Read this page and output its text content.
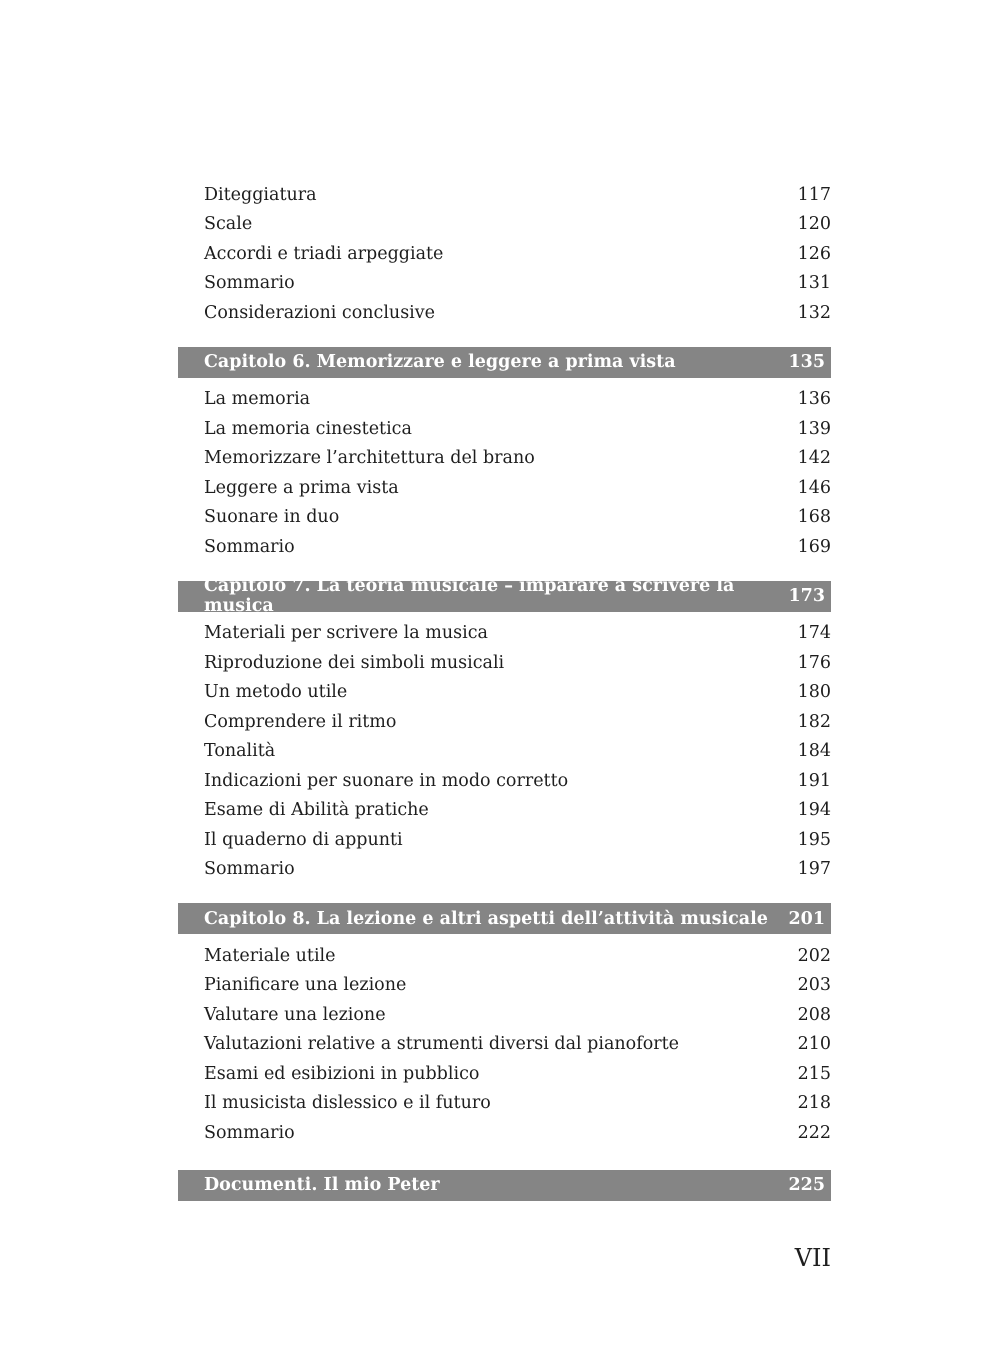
Diteggiatura	117
Scale	120
Accordi e triadi arpeggiate	126
Sommario	131
Considerazioni conclusive	132
Capitolo 6. Memorizzare e leggere a prima vista	135
La memoria	136
La memoria cinestetica	139
Memorizzare l’architettura del brano	142
Leggere a prima vista	146
Suonare in duo	168
Sommario	169
Capitolo 7. La teoria musicale – imparare a scrivere la musica	173
Materiali per scrivere la musica	174
Riproduzione dei simboli musicali	176
Un metodo utile	180
Comprendere il ritmo	182
Tonalità	184
Indicazioni per suonare in modo corretto	191
Esame di Abilità pratiche	194
Il quaderno di appunti	195
Sommario	197
Capitolo 8. La lezione e altri aspetti dell’attività musicale 201
Materiale utile	202
Pianificare una lezione	203
Valutare una lezione	208
Valutazioni relative a strumenti diversi dal pianoforte	210
Esami ed esibizioni in pubblico	215
Il musicista dislessico e il futuro	218
Sommario	222
Documenti. Il mio Peter	225
VII
